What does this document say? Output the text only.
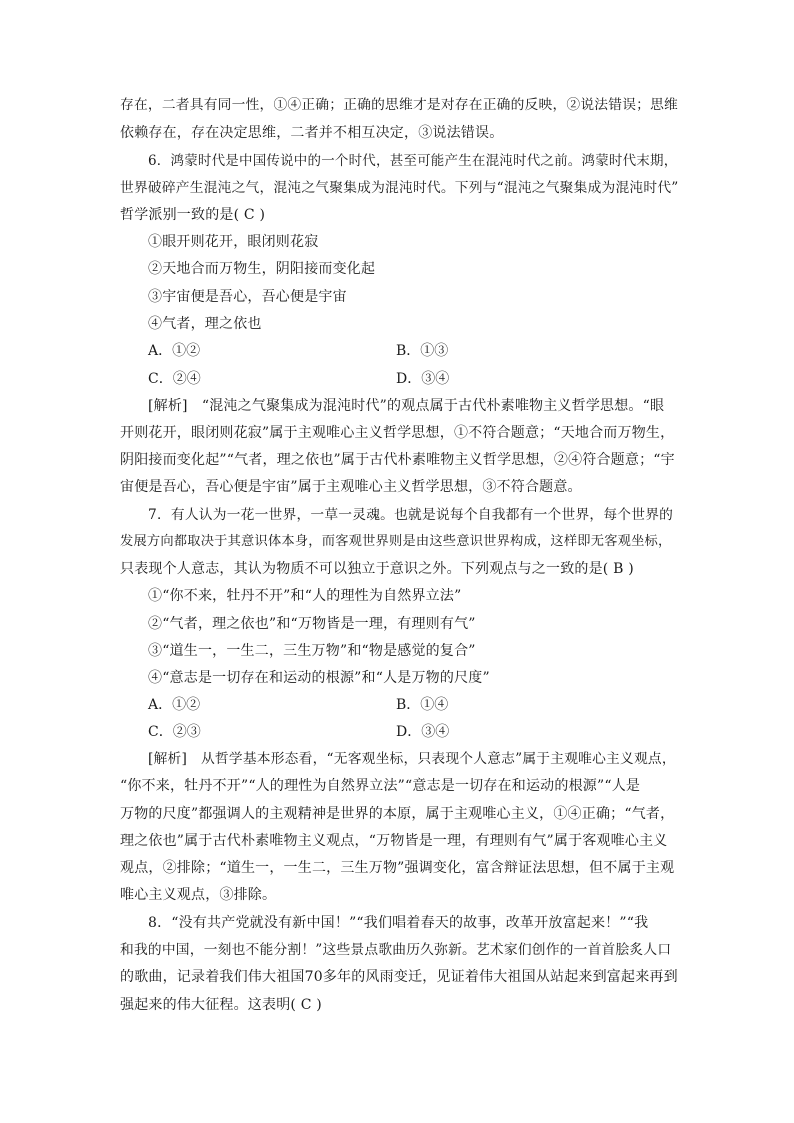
存在，二者具有同一性，①④正确；正确的思维才是对存在正确的反映，②说法错误；思维
依赖存在，存在决定思维，二者并不相互决定，③说法错误。
6．鸿蒙时代是中国传说中的一个时代，甚至可能产生在混沌时代之前。鸿蒙时代末期，
世界破碎产生混沌之气，混沌之气聚集成为混沌时代。下列与“混沌之气聚集成为混沌时代”
哲学派别一致的是( C )
①眼开则花开，眼闭则花寂
②天地合而万物生，阴阳接而变化起
③宇宙便是吾心，吾心便是宇宙
④气者，理之依也
A．①②	B．①③
C．②④	D．③④
[解析]　“混沌之气聚集成为混沌时代”的观点属于古代朴素唯物主义哲学思想。“眼
开则花开，眼闭则花寂”属于主观唯心主义哲学思想，①不符合题意；“天地合而万物生，
阴阳接而变化起”“气者，理之依也”属于古代朴素唯物主义哲学思想，②④符合题意；“宇
宙便是吾心，吾心便是宇宙”属于主观唯心主义哲学思想，③不符合题意。
7．有人认为一花一世界，一草一灵魂。也就是说每个自我都有一个世界，每个世界的
发展方向都取决于其意识体本身，而客观世界则是由这些意识世界构成，这样即无客观坐标，
只表现个人意志，其认为物质不可以独立于意识之外。下列观点与之一致的是( B )
①“你不来，牡丹不开”和“人的理性为自然界立法”
②“气者，理之依也”和“万物皆是一理，有理则有气”
③“道生一，一生二，三生万物”和“物是感觉的复合”
④“意志是一切存在和运动的根源”和“人是万物的尺度”
A．①②	B．①④
C．②③	D．③④
[解析]　从哲学基本形态看，“无客观坐标，只表现个人意志”属于主观唯心主义观点，
“你不来，牡丹不开”“人的理性为自然界立法”“意志是一切存在和运动的根源”“人是
万物的尺度”都强调人的主观精神是世界的本原，属于主观唯心主义，①④正确；“气者，
理之依也”属于古代朴素唯物主义观点，“万物皆是一理，有理则有气”属于客观唯心主义
观点，②排除；“道生一，一生二，三生万物”强调变化，富含辩证法思想，但不属于主观
唯心主义观点，③排除。
8．“没有共产党就没有新中国！”“我们唱着春天的故事，改革开放富起来！”“我
和我的中国，一刻也不能分割！”这些景点歌曲历久弥新。艺术家们创作的一首首脍炙人口
的歌曲，记录着我们伟大祖国70多年的风雨变迁，见证着伟大祖国从站起来到富起来再到
强起来的伟大征程。这表明( C )
